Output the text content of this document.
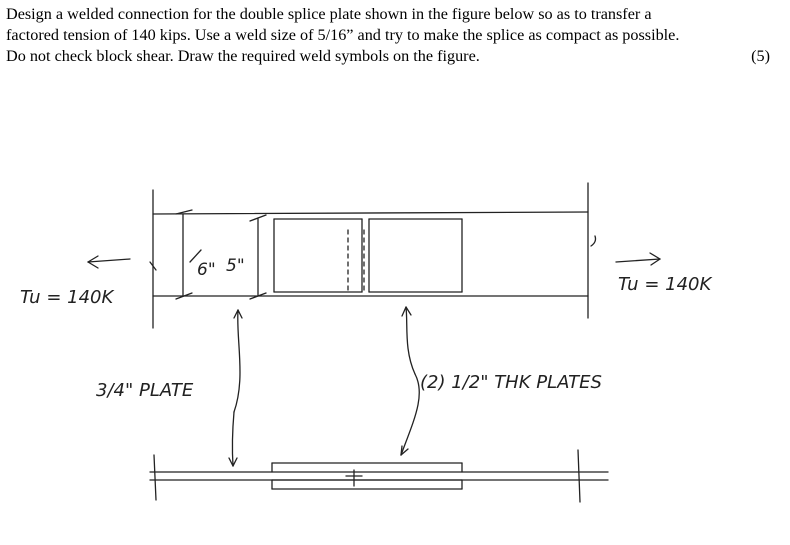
Design a welded connection for the double splice plate shown in the figure below so as to transfer a
factored tension of 140 kips. Use a weld size of 5/16” and try to make the splice as compact as possible.
Do not check block shear. Draw the required weld symbols on the figure.	(5)
Tu = 140K
Tu = 140K
6" 5"
3/4" PLATE	(2) 1/2" THK PLATES
